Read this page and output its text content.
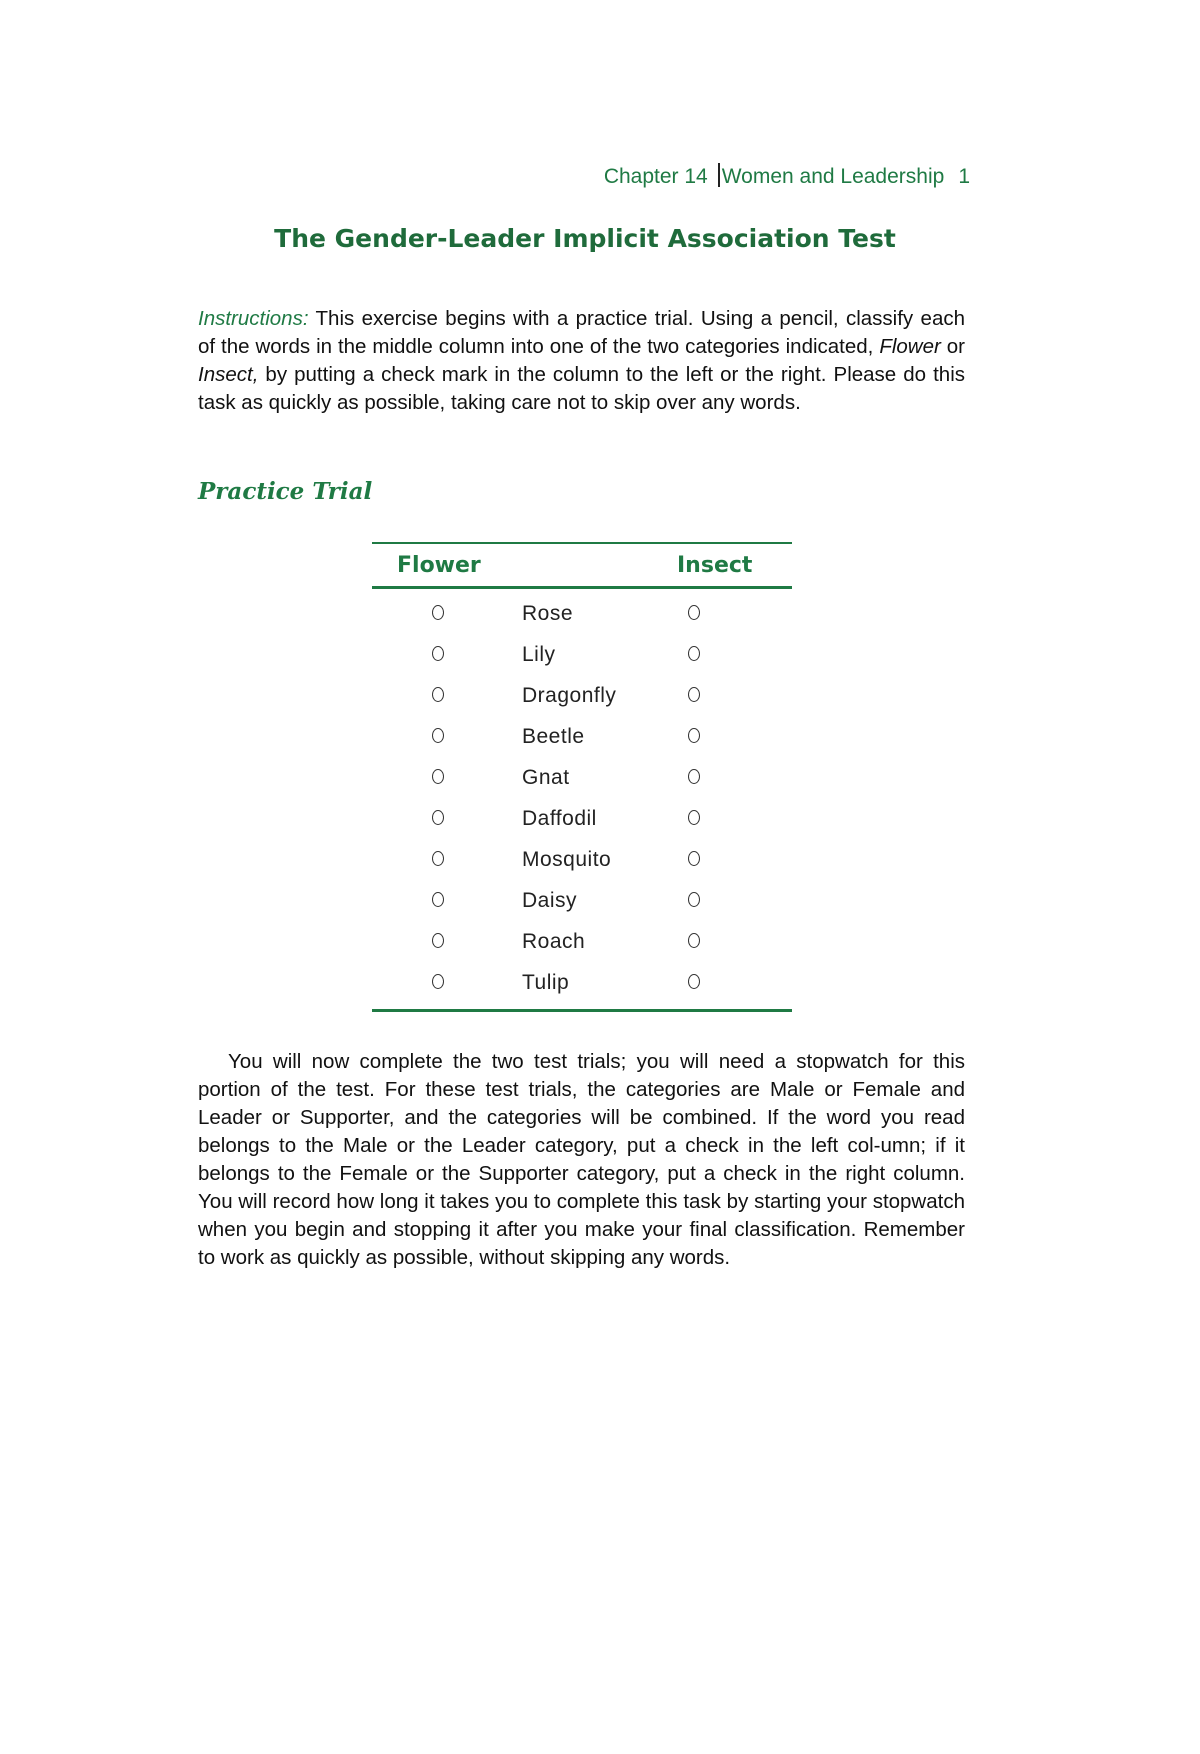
Chapter 14 Women and Leadership 1
The Gender-Leader Implicit Association Test

Instructions: This exercise begins with a practice trial. Using a pencil, classify each of the words in the middle column into one of the two categories indicated, Flower or Insect, by putting a check mark in the column to the left or the right. Please do this task as quickly as possible, taking care not to skip over any words.

Practice Trial
Flower	Insect
Rose
Lily
Dragonfly
Beetle
Gnat
Daffodil
Mosquito
Daisy
Roach
Tulip

You will now complete the two test trials; you will need a stopwatch for this portion of the test. For these test trials, the categories are Male or Female and Leader or Supporter, and the categories will be combined. If the word you read belongs to the Male or the Leader category, put a check in the left col-umn; if it belongs to the Female or the Supporter category, put a check in the right column. You will record how long it takes you to complete this task by starting your stopwatch when you begin and stopping it after you make your final classification. Remember to work as quickly as possible, without skipping any words.
